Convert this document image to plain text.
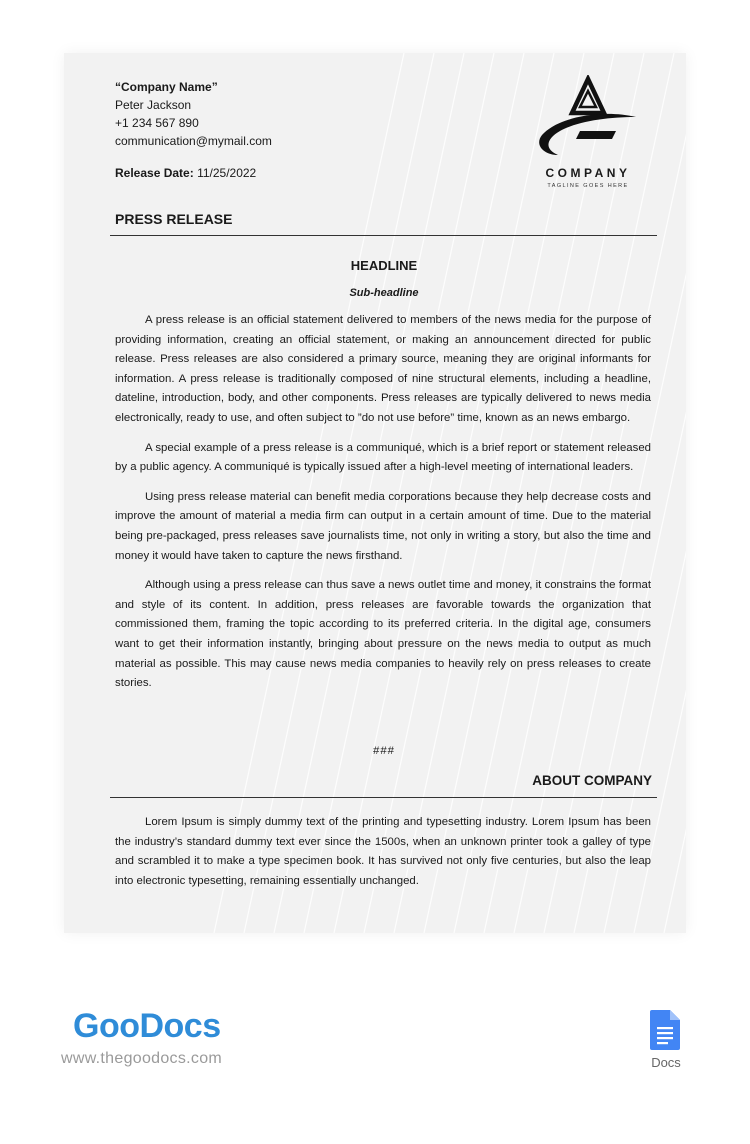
“Company Name”
Peter Jackson
+1 234 567 890
communication@mymail.com
Release Date: 11/25/2022	COMPANY
TAGLINE GOES HERE
PRESS RELEASE
HEADLINE
Sub-headline

A press release is an official statement delivered to members of the news media for the purpose of providing information, creating an official statement, or making an announcement directed for public release. Press releases are also considered a primary source, meaning they are original informants for information. A press release is traditionally composed of nine structural elements, including a headline, dateline, introduction, body, and other components. Press releases are typically delivered to news media electronically, ready to use, and often subject to ”do not use before” time, known as an news embargo.

A special example of a press release is a communiqué, which is a brief report or statement released by a public agency. A communiqué is typically issued after a high-level meeting of international leaders.

Using press release material can benefit media corporations because they help decrease costs and improve the amount of material a media firm can output in a certain amount of time. Due to the material being pre-packaged, press releases save journalists time, not only in writing a story, but also the time and money it would have taken to capture the news firsthand.

Although using a press release can thus save a news outlet time and money, it constrains the format and style of its content. In addition, press releases are favorable towards the organization that commissioned them, framing the topic according to its preferred criteria. In the digital age, consumers want to get their information instantly, bringing about pressure on the news media to output as much material as possible. This may cause news media companies to heavily rely on press releases to create stories.

###
ABOUT COMPANY

Lorem Ipsum is simply dummy text of the printing and typesetting industry. Lorem Ipsum has been the industry’s standard dummy text ever since the 1500s, when an unknown printer took a galley of type and scrambled it to make a type specimen book. It has survived not only five centuries, but also the leap into electronic typesetting, remaining essentially unchanged.

GooDocs
www.thegoodocs.com	Docs
